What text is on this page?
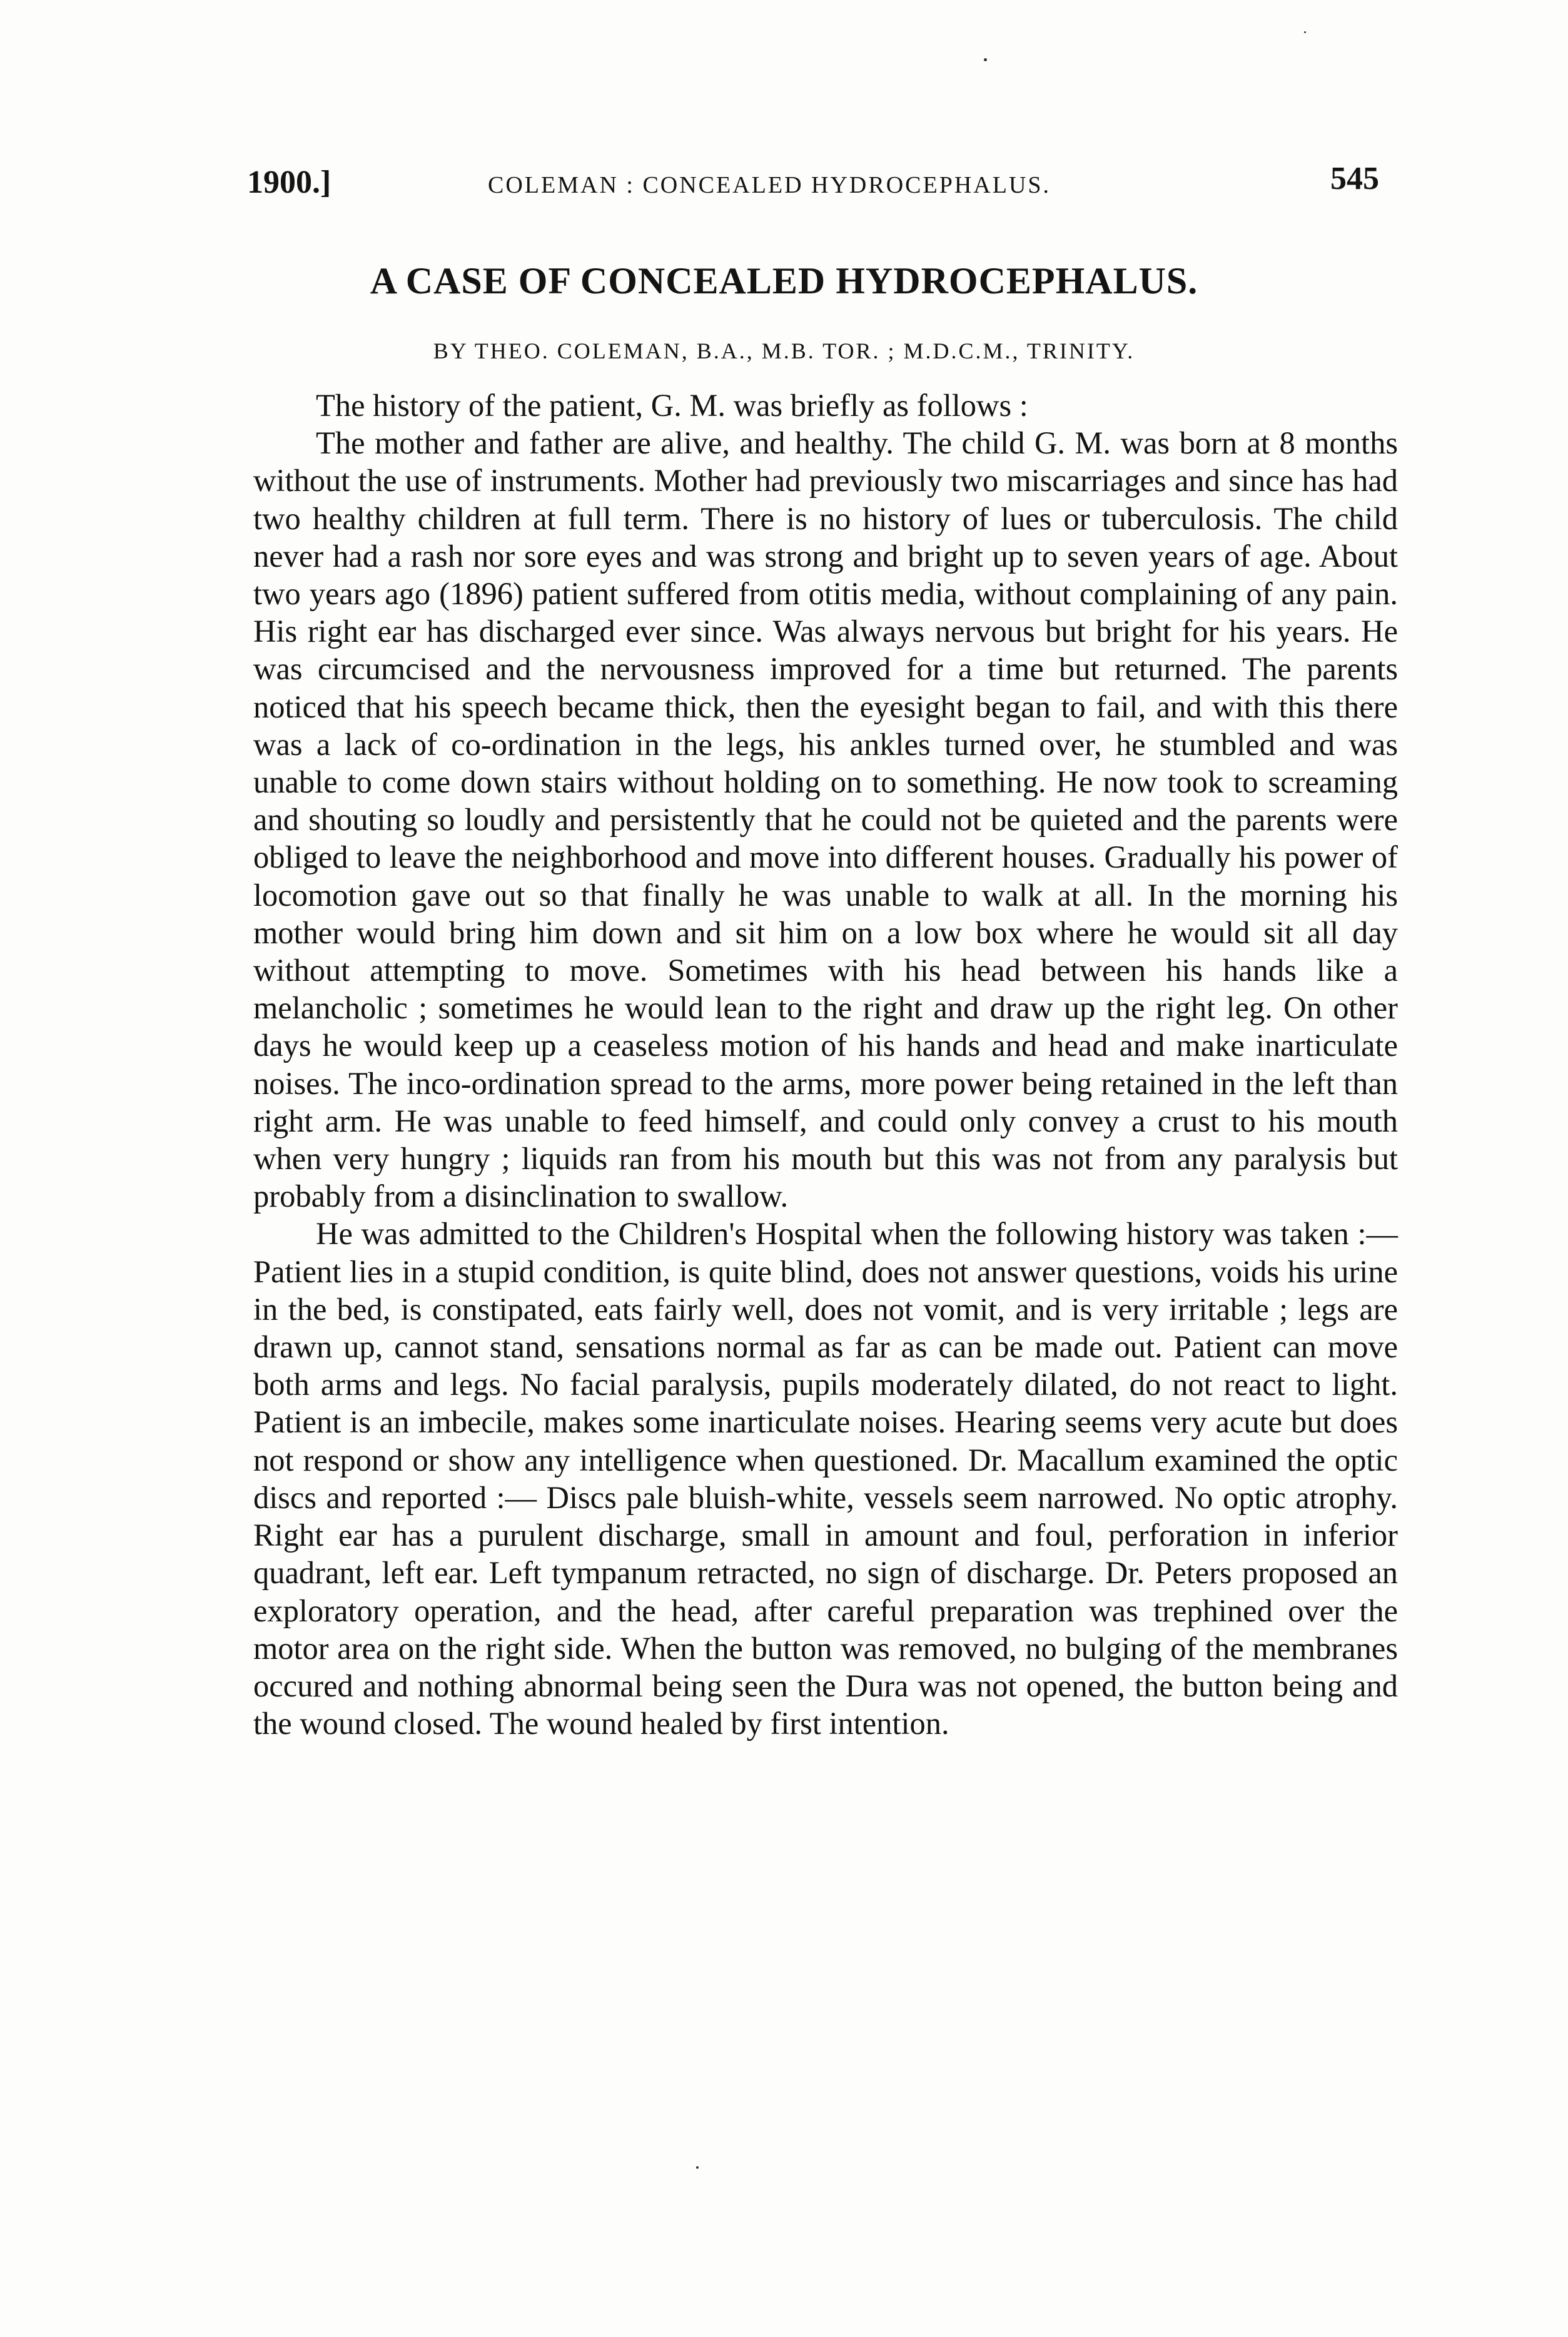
1900.]	COLEMAN : CONCEALED HYDROCEPHALUS.	545
A CASE OF CONCEALED HYDROCEPHALUS.

BY THEO. COLEMAN, B.A., M.B. TOR. ; M.D.C.M., TRINITY.

The history of the patient, G. M. was briefly as follows :

The mother and father are alive, and healthy. The child G. M. was born at 8 months without the use of instruments. Mother had previously two miscarriages and since has had two healthy children at full term. There is no history of lues or tuberculosis. The child never had a rash nor sore eyes and was strong and bright up to seven years of age. About two years ago (1896) patient suffered from otitis media, without complaining of any pain. His right ear has discharged ever since. Was always nervous but bright for his years. He was circumcised and the nervousness improved for a time but returned. The parents noticed that his speech became thick, then the eyesight began to fail, and with this there was a lack of co-ordination in the legs, his ankles turned over, he stumbled and was unable to come down stairs without holding on to something. He now took to screaming and shouting so loudly and persistently that he could not be quieted and the parents were obliged to leave the neighborhood and move into different houses. Gradually his power of locomotion gave out so that finally he was unable to walk at all. In the morning his mother would bring him down and sit him on a low box where he would sit all day without attempting to move. Sometimes with his head between his hands like a melancholic ; sometimes he would lean to the right and draw up the right leg. On other days he would keep up a ceaseless motion of his hands and head and make inarticulate noises. The inco-ordination spread to the arms, more power being retained in the left than right arm. He was unable to feed himself, and could only convey a crust to his mouth when very hungry ; liquids ran from his mouth but this was not from any paralysis but probably from a disinclination to swallow.

He was admitted to the Children's Hospital when the following history was taken :—Patient lies in a stupid condition, is quite blind, does not answer questions, voids his urine in the bed, is constipated, eats fairly well, does not vomit, and is very irritable ; legs are drawn up, cannot stand, sensations normal as far as can be made out. Patient can move both arms and legs. No facial paralysis, pupils moderately dilated, do not react to light. Patient is an imbecile, makes some inarticulate noises. Hearing seems very acute but does not respond or show any intelligence when questioned. Dr. Macallum examined the optic discs and reported :— Discs pale bluish-white, vessels seem narrowed. No optic atrophy. Right ear has a purulent discharge, small in amount and foul, perforation in inferior quadrant, left ear. Left tympanum retracted, no sign of discharge. Dr. Peters proposed an exploratory operation, and the head, after careful preparation was trephined over the motor area on the right side. When the button was removed, no bulging of the membranes occured and nothing abnormal being seen the Dura was not opened, the button being and the wound closed. The wound healed by first intention.
